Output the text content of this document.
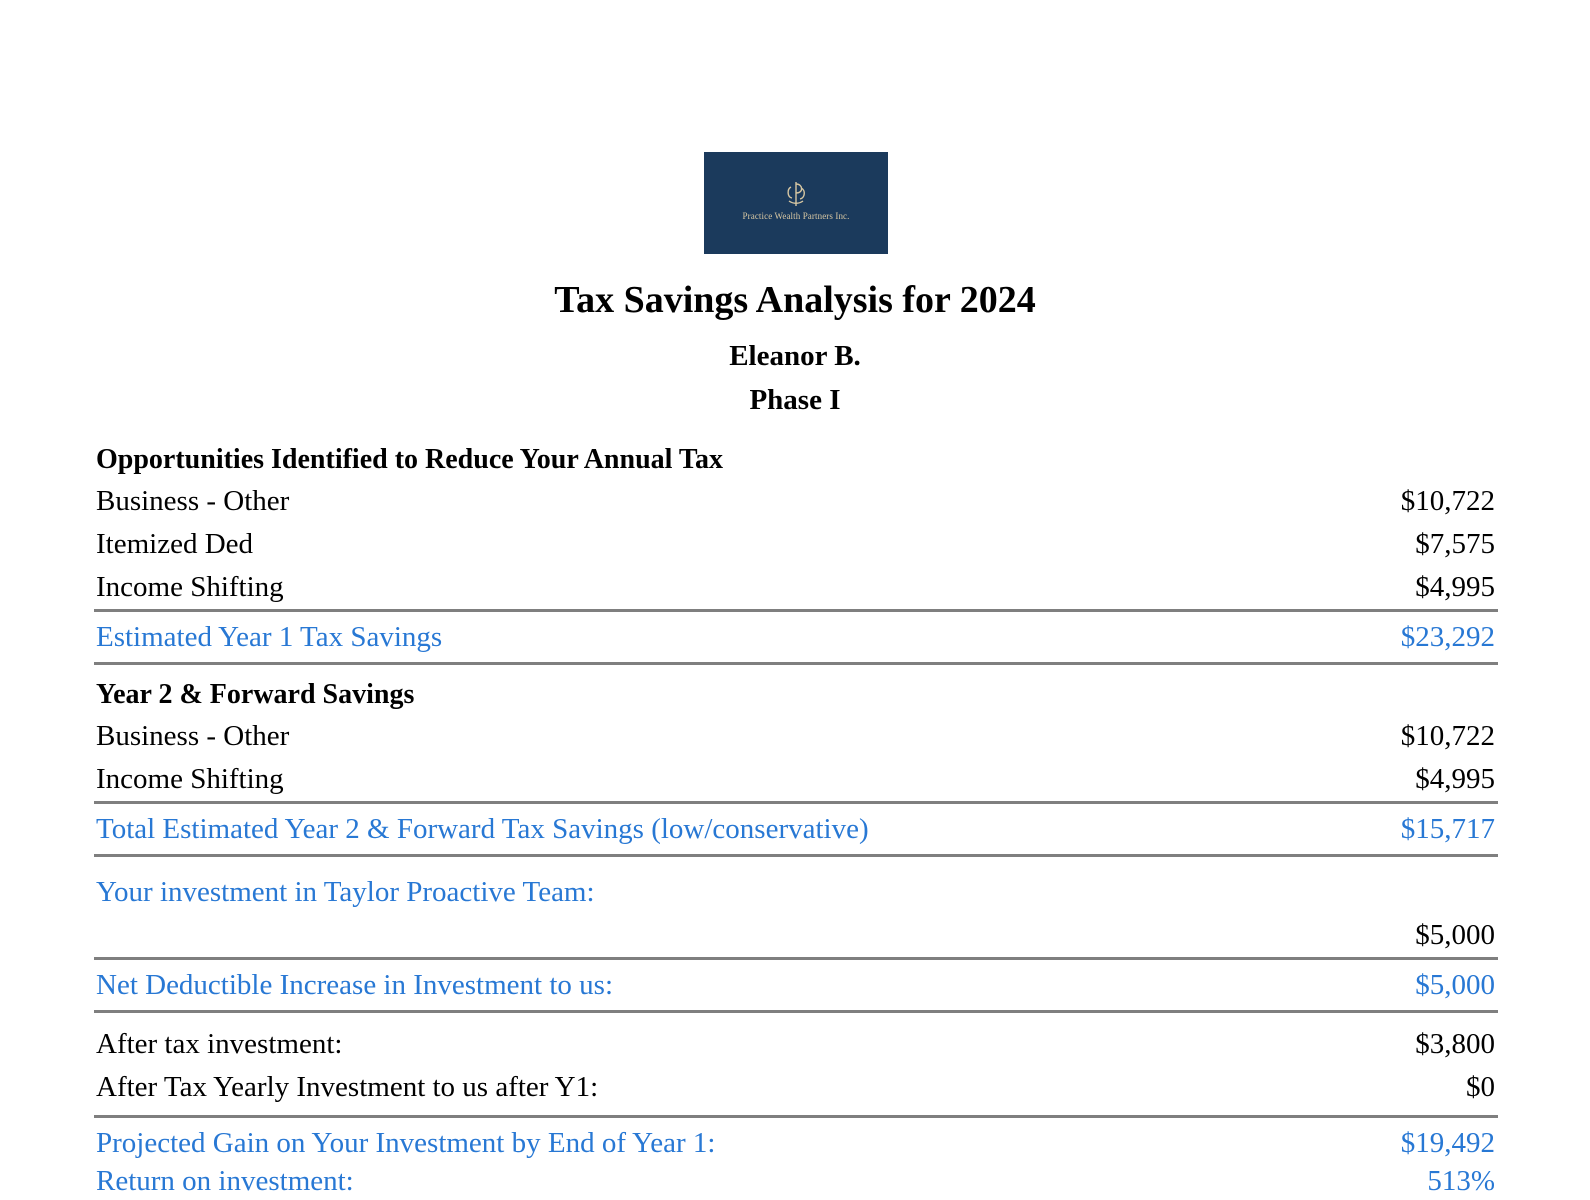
Practice Wealth Partners Inc.
Tax Savings Analysis for 2024
Eleanor B.
Phase I
Opportunities Identified to Reduce Your Annual Tax
Business - Other	$10,722
Itemized Ded	$7,575
Income Shifting	$4,995
Estimated Year 1 Tax Savings	$23,292
Year 2 & Forward Savings
Business - Other	$10,722
Income Shifting	$4,995
Total Estimated Year 2 & Forward Tax Savings (low/conservative)	$15,717
Your investment in Taylor Proactive Team:
$5,000
Net Deductible Increase in Investment to us:	$5,000
After tax investment:	$3,800
After Tax Yearly Investment to us after Y1:	$0
Projected Gain on Your Investment by End of Year 1:	$19,492
Return on investment:	513%
